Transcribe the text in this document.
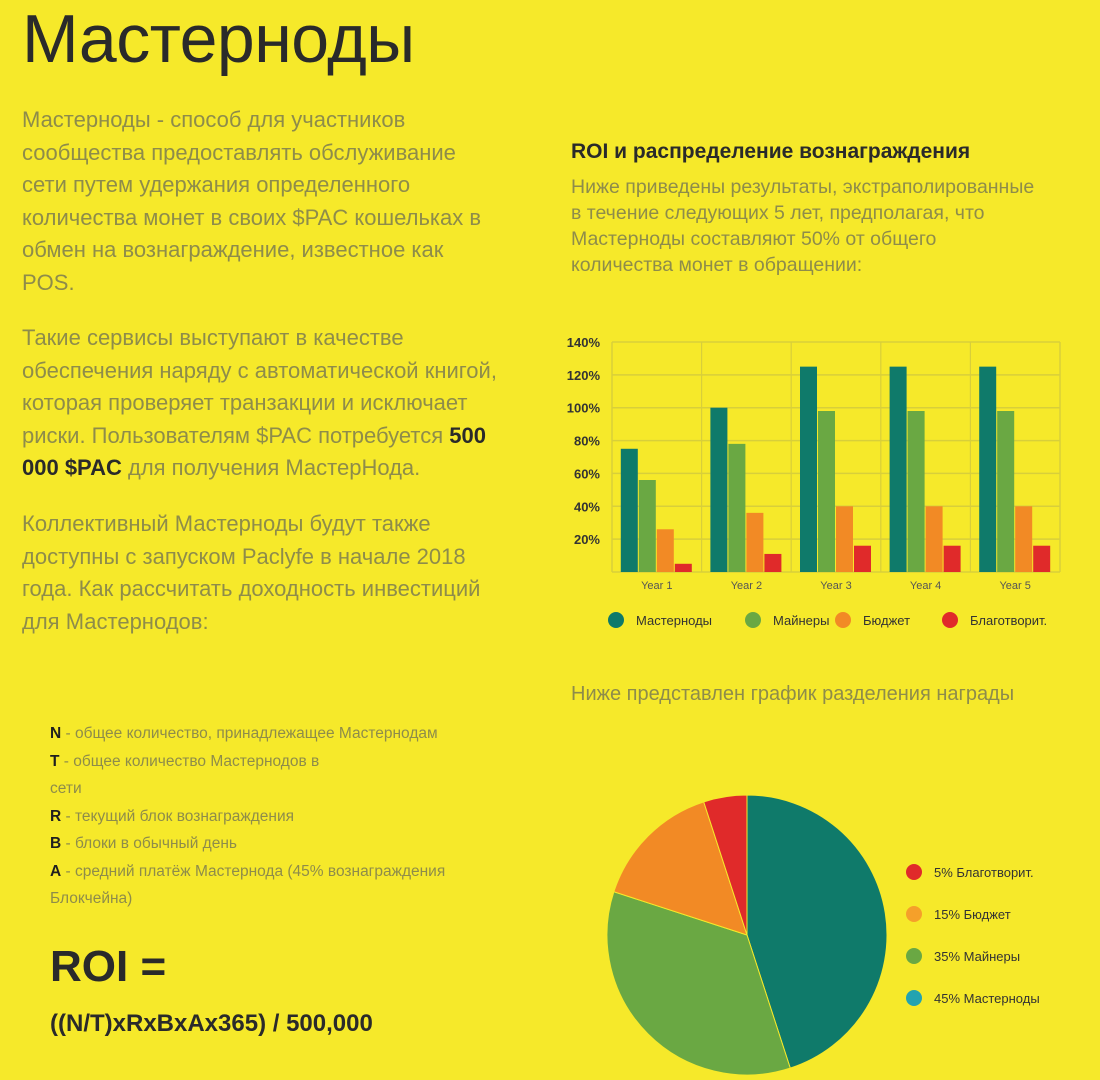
Мастерноды

Мастерноды - способ для участников сообщества предоставлять обслуживание сети путем удержания определенного количества монет в своих $PAC кошельках в обмен на вознаграждение, известное как POS.

Такие сервисы выступают в качестве обеспечения наряду с автоматической книгой, которая проверяет транзакции и исключает риски. Пользователям $PAC потребуется 500 000 $PAC для получения МастерНода.

Коллективный Мастерноды будут также доступны с запуском Paclyfe в начале 2018 года. Как рассчитать доходность инвестиций для Мастернодов:

ROI и распределение вознаграждения

Ниже приведены результаты, экстраполированные в течение следующих 5 лет, предполагая, что Мастерноды составляют 50% от общего количества монет в обращении:

20%
40%
60%
80%
100%
120%
140%
Year 1	Year 2	Year 3	Year 4	Year 5
Мастерноды	Майнеры	Бюджет	Благотворит.

Ниже представлен график разделения награды

5% Благотворит.
15% Бюджет
35% Майнеры
45% Мастерноды
N - общее количество, принадлежащее Мастернодам
T - общее количество Мастернодов в сети
R - текущий блок вознаграждения
B - блоки в обычный день
A - средний платёж Мастернода (45% вознаграждения Блокчейна)

ROI =

((N/T)xRxBxAx365) / 500,000
